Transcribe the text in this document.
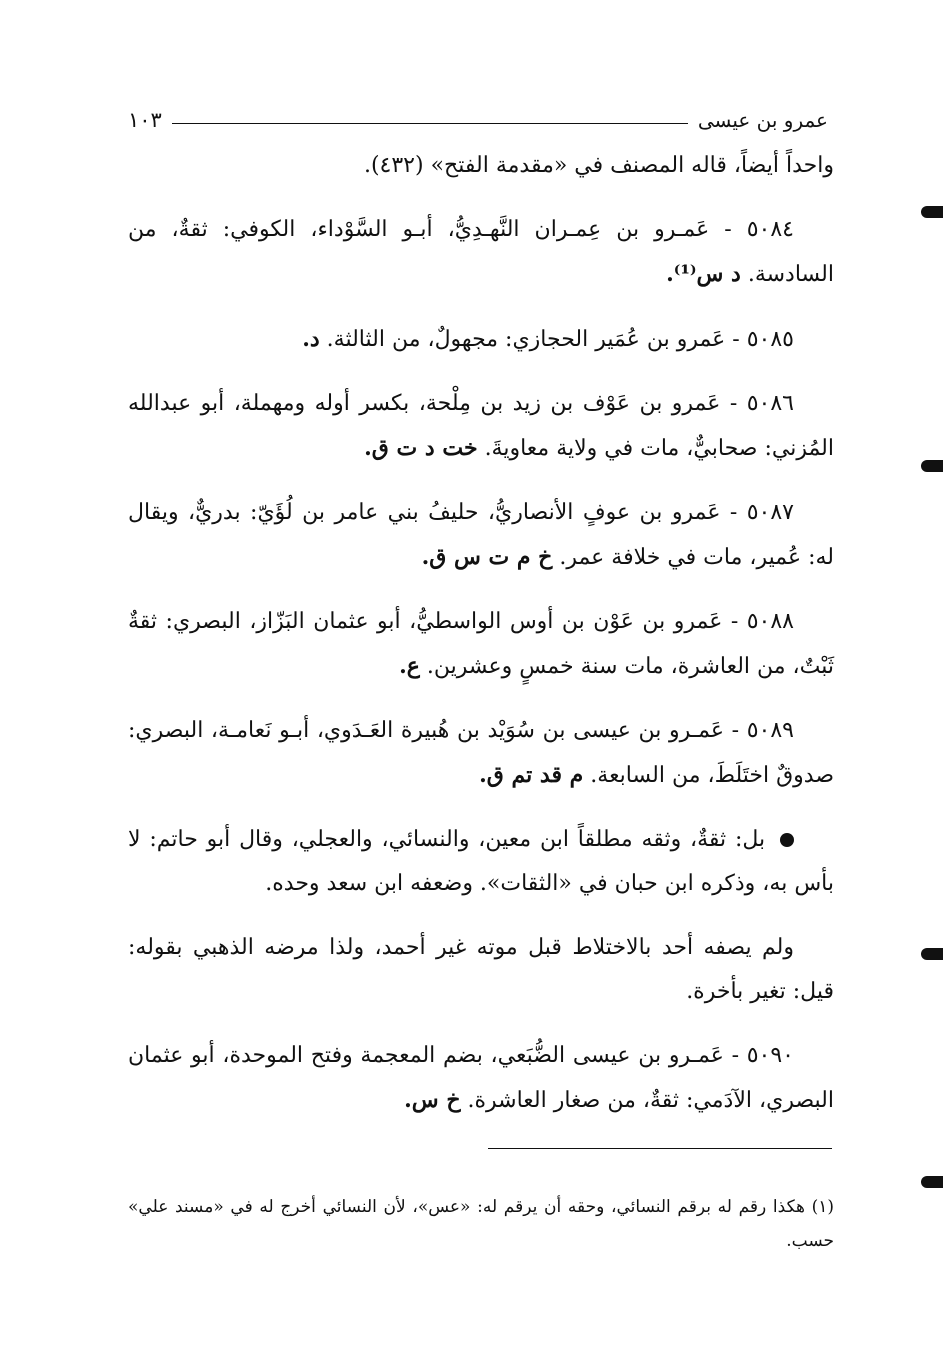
عمرو بن عيسى
١٠٣

واحداً أيضاً، قاله المصنف في «مقدمة الفتح» (٤٣٢).

٥٠٨٤ - عَمـرو بن عِمـران النَّهـدِيُّ، أبـو السَّوْداء، الكوفي: ثقةٌ، من السادسة. د س⁽¹⁾.

٥٠٨٥ - عَمرو بن عُمَير الحجازي: مجهولٌ، من الثالثة. د.

٥٠٨٦ - عَمرو بن عَوْف بن زيد بن مِلْحة، بكسر أوله ومهملة، أبو عبدالله المُزني: صحابيٌّ، مات في ولاية معاويةَ. خت د ت ق.

٥٠٨٧ - عَمرو بن عوفٍ الأنصاريُّ، حليفُ بني عامر بن لُؤَيّ: بدريٌّ، ويقال له: عُمير، مات في خلافة عمر. خ م ت س ق.

٥٠٨٨ - عَمرو بن عَوْن بن أوس الواسطيُّ، أبو عثمان البَزّاز، البصري: ثقةٌ ثَبْتٌ، من العاشرة، مات سنة خمسٍ وعشرين. ع.

٥٠٨٩ - عَمـرو بن عيسى بن سُوَيْد بن هُبيرة العَـدَوي، أبـو نَعامـة، البصري: صدوقٌ اختَلَطَ، من السابعة. م قد تم ق.

بل: ثقةٌ، وثقه مطلقاً ابن معين، والنسائي، والعجلي، وقال أبو حاتم: لا بأس به، وذكره ابن حبان في «الثقات». وضعفه ابن سعد وحده.

ولم يصفه أحد بالاختلاط قبل موته غير أحمد، ولذا مرضه الذهبي بقوله: قيل: تغير بأخرة.

٥٠٩٠ - عَمـرو بن عيسى الضُّبَعي، بضم المعجمة وفتح الموحدة، أبو عثمان البصري، الآدَمي: ثقةٌ، من صغار العاشرة. خ س.

(١) هكذا رقم له برقم النسائي، وحقه أن يرقم له: «عس»، لأن النسائي أخرج له في «مسند علي» حسب.
